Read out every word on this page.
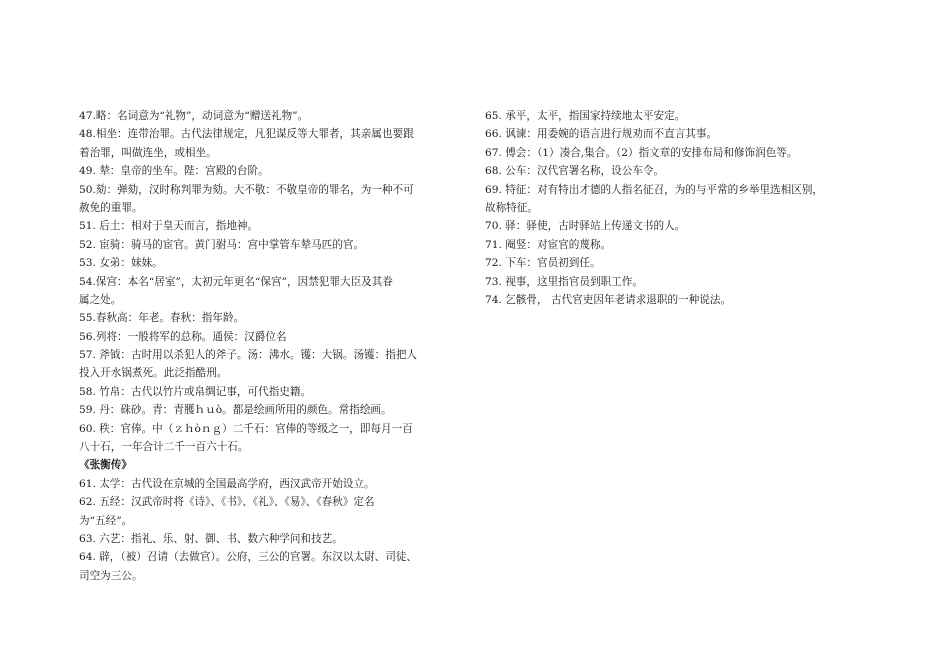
47.略：名词意为“礼物”，动词意为“赠送礼物”。
48.相坐：连带治罪。古代法律规定，凡犯谋反等大罪者，其亲属也要跟
着治罪，叫做连坐，或相坐。
49. 辇：皇帝的坐车。陛：宫殿的台阶。
50.劾：弹劾，汉时称判罪为劾。大不敬：不敬皇帝的罪名，为一种不可
赦免的重罪。
51. 后土：相对于皇天而言，指地神。
52. 宦骑：骑马的宦官。黄门驸马：宫中掌管车辇马匹的官。
53. 女弟：妹妹。
54.保宫：本名“居室”，太初元年更名“保宫”，因禁犯罪大臣及其眷
属之处。
55.春秋高：年老。春秋：指年龄。
56.列将：一般将军的总称。通侯：汉爵位名
57. 斧钺：古时用以杀犯人的斧子。汤：沸水。镬：大锅。汤镬：指把人
投入开水锅煮死。此泛指酷刑。
58. 竹帛：古代以竹片或帛绸记事，可代指史籍。
59. 丹：硃砂。青：青雘ｈｕò。都是绘画所用的颜色。常指绘画。
60. 秩：官俸。中（ｚｈòｎｇ）二千石：官俸的等级之一，即每月一百
八十石，一年合计二千一百六十石。
《张衡传》
61. 太学：古代设在京城的全国最高学府，西汉武帝开始设立。
62. 五经：汉武帝时将《诗》、《书》、《礼》、《易》、《春秋》定名
为“五经”。
63. 六艺：指礼、乐、射、御、书、数六种学问和技艺。
64. 辟，（被）召请（去做官）。公府，三公的官署。东汉以太尉、司徒、
司空为三公。
65. 承平，太平，指国家持续地太平安定。
66. 讽谏：用委婉的语言进行规劝而不直言其事。
67. 傅会：（1）凑合,集合。（2）指文章的安排布局和修饰润色等。
68. 公车：汉代官署名称，设公车令。
69. 特征：对有特出才德的人指名征召，为的与平常的乡举里选相区别，
故称特征。
70. 驿：驿使，古时驿站上传递文书的人。
71. 阉竖：对宦官的蔑称。
72. 下车：官员初到任。
73. 视事，这里指官员到职工作。
74. 乞骸骨， 古代官吏因年老请求退职的一种说法。
